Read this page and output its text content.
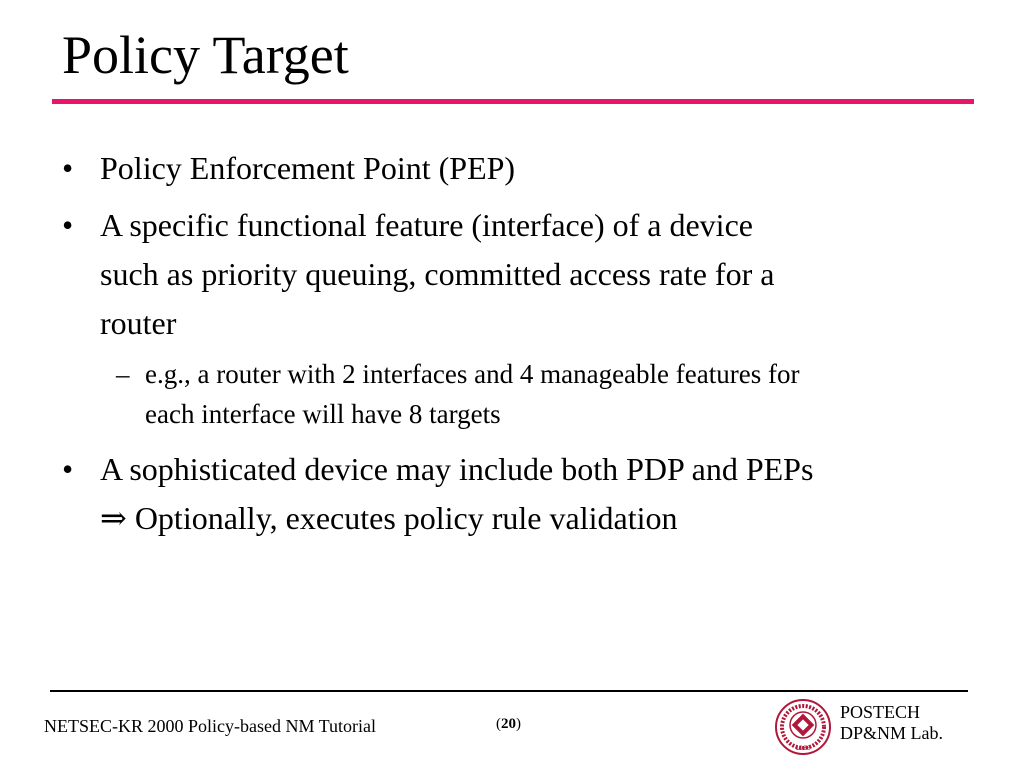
Policy Target
• Policy Enforcement Point (PEP)
• A specific functional feature (interface) of a device
such as priority queuing, committed access rate for a
router
– e.g., a router with 2 interfaces and 4 manageable features for
each interface will have 8 targets
• A sophisticated device may include both PDP and PEPs
⇒ Optionally, executes policy rule validation
NETSEC-KR 2000 Policy-based NM Tutorial	(20)
1986
POSTECH
DP&NM Lab.
